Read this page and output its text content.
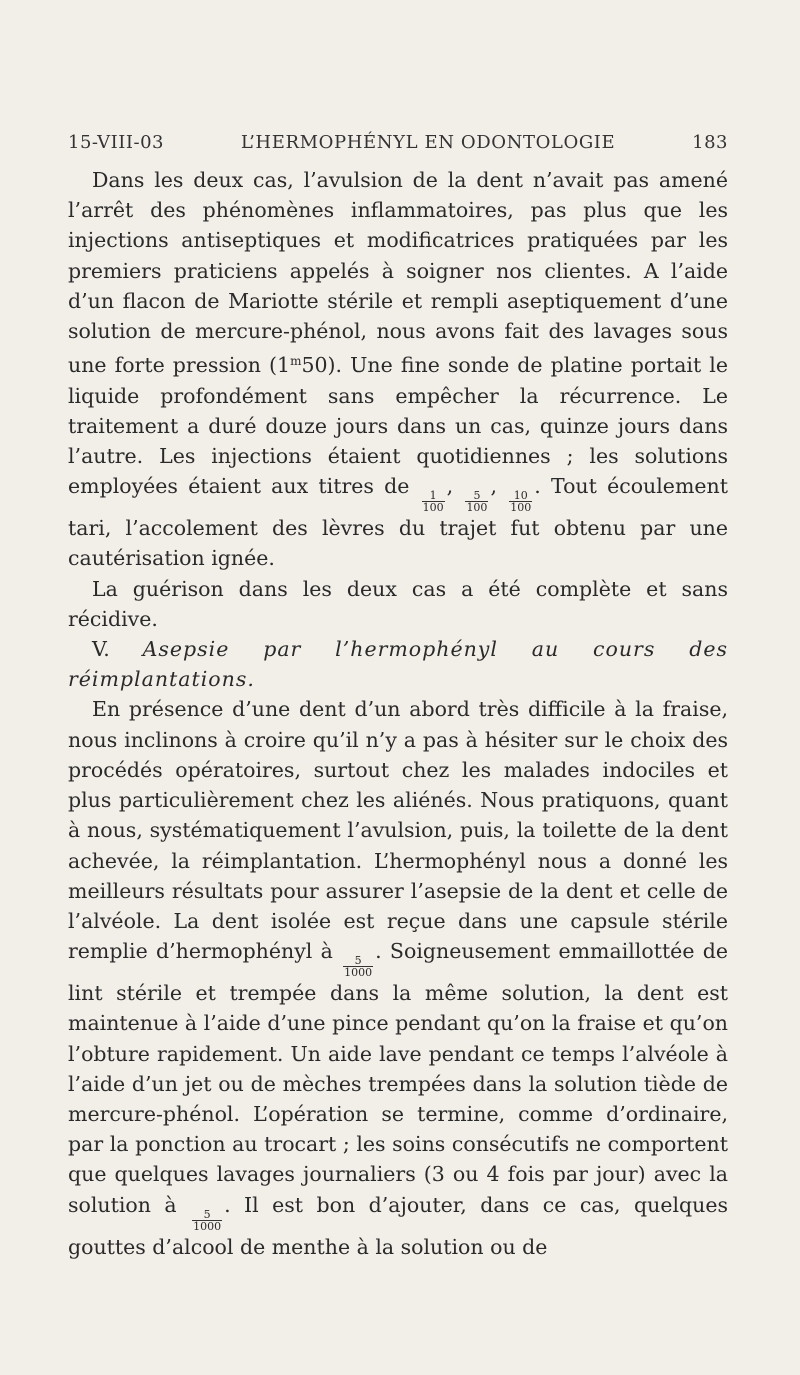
15-VIII-03	L’HERMOPHÉNYL EN ODONTOLOGIE	183

Dans les deux cas, l’avulsion de la dent n’avait pas amené l’arrêt des phénomènes inflammatoires, pas plus que les injections antiseptiques et modificatrices pratiquées par les premiers praticiens appelés à soigner nos clientes. A l’aide d’un flacon de Mariotte stérile et rempli aseptiquement d’une solution de mercure-phénol, nous avons fait des lavages sous une forte pression (1$^m$50). Une fine sonde de platine portait le liquide profondément sans empêcher la récurrence. Le traitement a duré douze jours dans un cas, quinze jours dans l’autre. Les injections étaient quotidiennes ; les solutions employées étaient aux titres de
$\frac{1}{100}$
,
$\frac{5}{100}$
,
$\frac{10}{100}$
. Tout écoulement tari, l’accolement des lèvres du trajet fut obtenu par une cautérisation ignée.

La guérison dans les deux cas a été complète et sans récidive.

V. Asepsie par l’hermophényl au cours des réimplantations.

En présence d’une dent d’un abord très difficile à la fraise, nous inclinons à croire qu’il n’y a pas à hésiter sur le choix des procédés opératoires, surtout chez les malades indociles et plus particulièrement chez les aliénés. Nous pratiquons, quant à nous, systématiquement l’avulsion, puis, la toilette de la dent achevée, la réimplantation. L’hermophényl nous a donné les meilleurs résultats pour assurer l’asepsie de la dent et celle de l’alvéole. La dent isolée est reçue dans une capsule stérile remplie d’hermophényl à
$\frac{5}{1000}$
. Soigneusement emmaillottée de lint stérile et trempée dans la même solution, la dent est maintenue à l’aide d’une pince pendant qu’on la fraise et qu’on l’obture rapidement. Un aide lave pendant ce temps l’alvéole à l’aide d’un jet ou de mèches trempées dans la solution tiède de mercure-phénol. L’opération se termine, comme d’ordinaire, par la ponction au trocart ; les soins consécutifs ne comportent que quelques lavages journaliers (3 ou 4 fois par jour) avec la solution à
$\frac{5}{1000}$
. Il est bon d’ajouter, dans ce cas, quelques gouttes d’alcool de menthe à la solution ou de
